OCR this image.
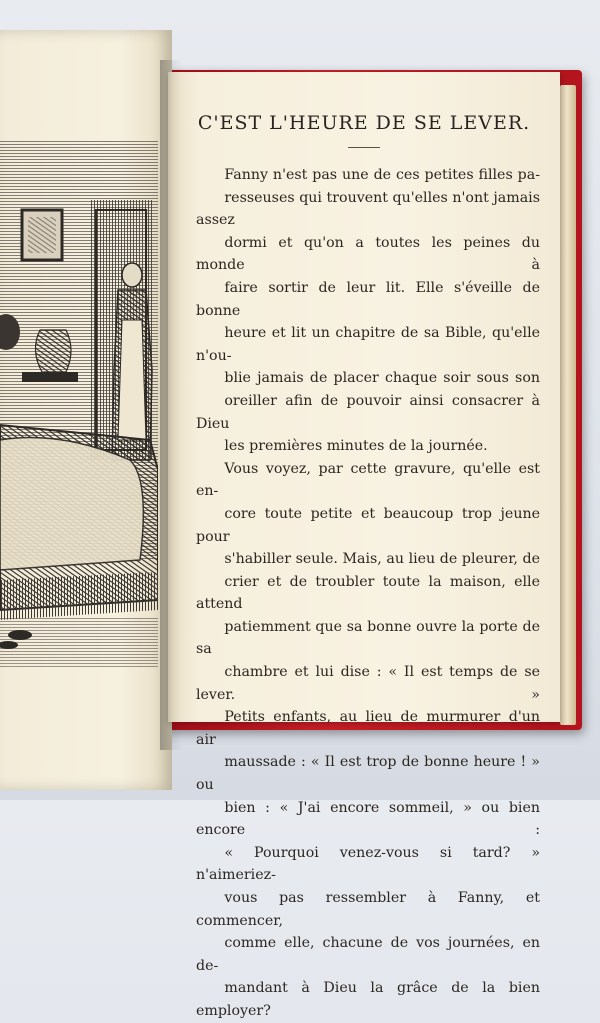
C'EST L'HEURE DE SE LEVER.

Fanny n'est pas une de ces petites filles pa-
resseuses qui trouvent qu'elles n'ont jamais assez
dormi et qu'on a toutes les peines du monde à
faire sortir de leur lit. Elle s'éveille de bonne
heure et lit un chapitre de sa Bible, qu'elle n'ou-
blie jamais de placer chaque soir sous son
oreiller afin de pouvoir ainsi consacrer à Dieu
les premières minutes de la journée.

Vous voyez, par cette gravure, qu'elle est en-
core toute petite et beaucoup trop jeune pour
s'habiller seule. Mais, au lieu de pleurer, de
crier et de troubler toute la maison, elle attend
patiemment que sa bonne ouvre la porte de sa
chambre et lui dise : « Il est temps de se lever. »

Petits enfants, au lieu de murmurer d'un air
maussade : « Il est trop de bonne heure ! » ou
bien : « J'ai encore sommeil, » ou bien encore :
« Pourquoi venez-vous si tard? » n'aimeriez-
vous pas ressembler à Fanny, et commencer,
comme elle, chacune de vos journées, en de-
mandant à Dieu la grâce de la bien employer?
